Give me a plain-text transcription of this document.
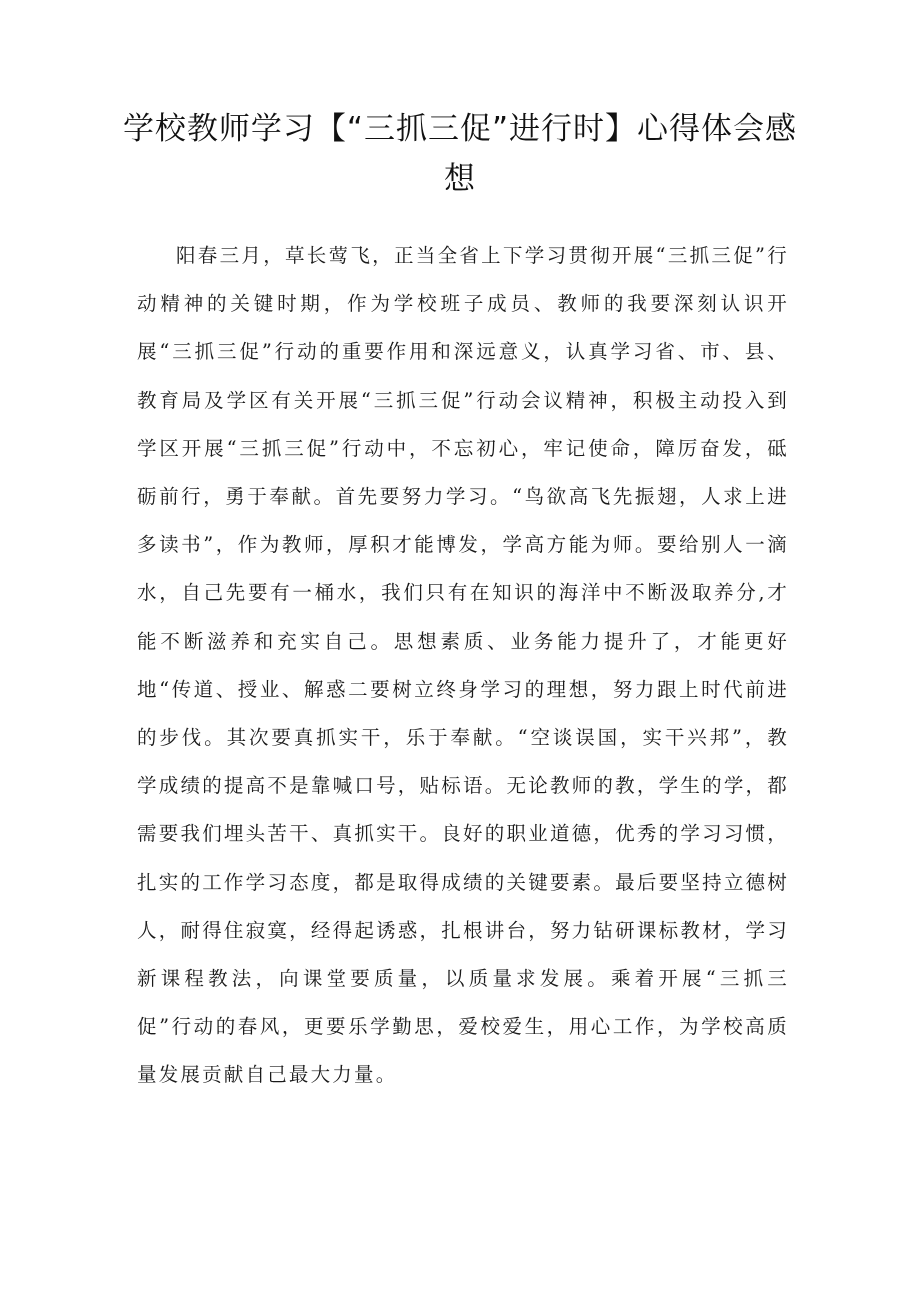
学校教师学习【“三抓三促”进行时】心得体会感想

阳春三月，草长莺飞，正当全省上下学习贯彻开展“三抓三促”行动精神的关键时期，作为学校班子成员、教师的我要深刻认识开展“三抓三促”行动的重要作用和深远意义，认真学习省、市、县、教育局及学区有关开展“三抓三促”行动会议精神，积极主动投入到学区开展“三抓三促”行动中，不忘初心，牢记使命，障厉奋发，砥砺前行，勇于奉献。首先要努力学习。“鸟欲高飞先振翅，人求上进多读书”，作为教师，厚积才能博发，学高方能为师。要给别人一滴水，自己先要有一桶水，我们只有在知识的海洋中不断汲取养分,才能不断滋养和充实自己。思想素质、业务能力提升了，才能更好地“传道、授业、解惑二要树立终身学习的理想，努力跟上时代前进的步伐。其次要真抓实干，乐于奉献。“空谈误国，实干兴邦”，教学成绩的提高不是靠喊口号，贴标语。无论教师的教，学生的学，都需要我们埋头苦干、真抓实干。良好的职业道德，优秀的学习习惯，扎实的工作学习态度，都是取得成绩的关键要素。最后要坚持立德树人，耐得住寂寞，经得起诱惑，扎根讲台，努力钻研课标教材，学习新课程教法，向课堂要质量，以质量求发展。乘着开展“三抓三促”行动的春风，更要乐学勤思，爱校爱生，用心工作，为学校高质量发展贡献自己最大力量。
